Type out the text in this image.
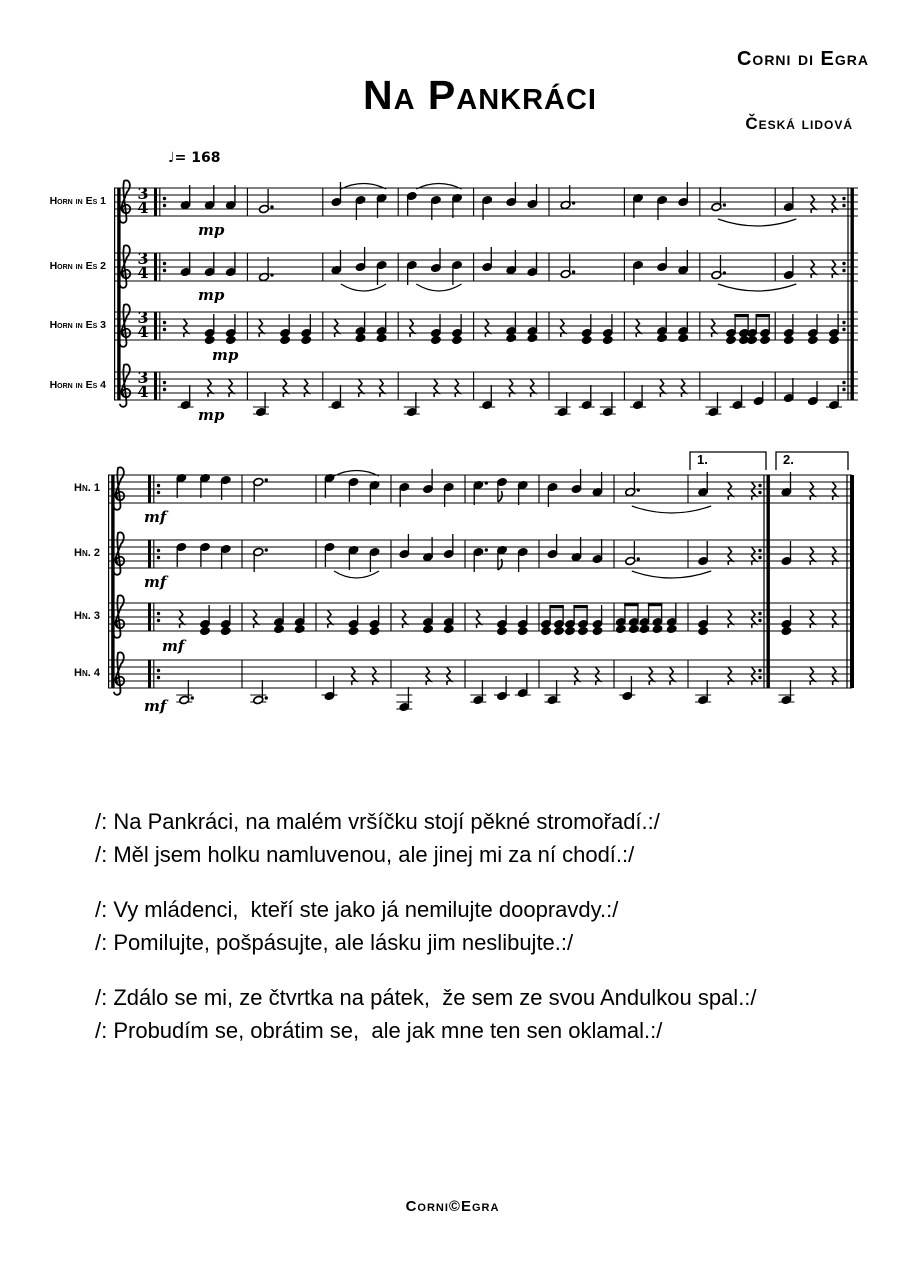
Na Pankráci
Corni di Egra
Česká lidová
♩= 168
Horn in Es 1
Horn in Es 2
Horn in Es 3
Horn in Es 4
Hn. 1
Hn. 2
Hn. 3
Hn. 4
3
4
3
4
3
4
3
4
mp
mp
mp
mp
mf
mf
mf
mf
1.	2.
/: Na Pankráci, na malém vršíčku stojí pěkné stromořadí.:/
/: Měl jsem holku namluvenou, ale jinej mi za ní chodí.:/
/: Vy mládenci,  kteří ste jako já nemilujte doopravdy.:/
/: Pomilujte, pošpásujte, ale lásku jim neslibujte.:/
/: Zdálo se mi, ze čtvrtka na pátek,  že sem ze svou Andulkou spal.:/
/: Probudím se, obrátim se,  ale jak mne ten sen oklamal.:/
Corni©Egra
